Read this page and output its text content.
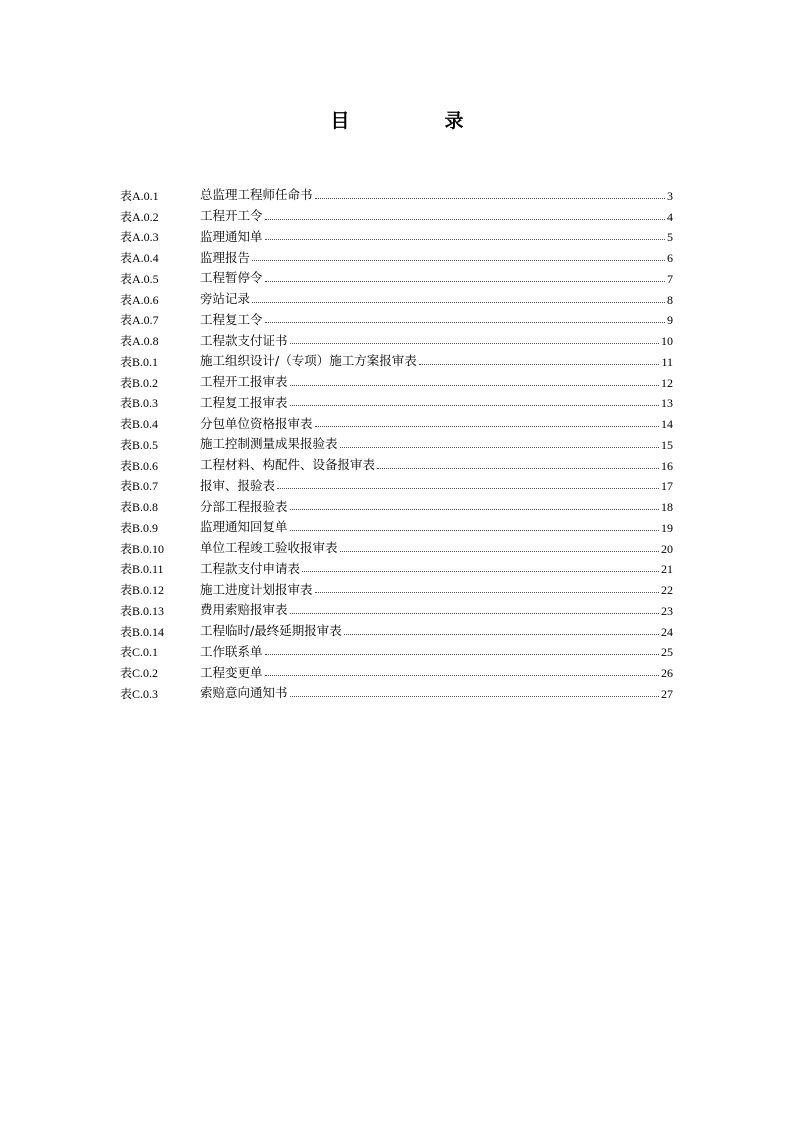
目　录
表A.0.1	总监理工程师任命书	3
表A.0.2	工程开工令	4
表A.0.3	监理通知单	5
表A.0.4	监理报告	6
表A.0.5	工程暂停令	7
表A.0.6	旁站记录	8
表A.0.7	工程复工令	9
表A.0.8	工程款支付证书	10
表B.0.1	施工组织设计/（专项）施工方案报审表	11
表B.0.2	工程开工报审表	12
表B.0.3	工程复工报审表	13
表B.0.4	分包单位资格报审表	14
表B.0.5	施工控制测量成果报验表	15
表B.0.6	工程材料、构配件、设备报审表	16
表B.0.7	报审、报验表	17
表B.0.8	分部工程报验表	18
表B.0.9	监理通知回复单	19
表B.0.10	单位工程竣工验收报审表	20
表B.0.11	工程款支付申请表	21
表B.0.12	施工进度计划报审表	22
表B.0.13	费用索赔报审表	23
表B.0.14	工程临时/最终延期报审表	24
表C.0.1	工作联系单	25
表C.0.2	工程变更单	26
表C.0.3	索赔意向通知书	27
